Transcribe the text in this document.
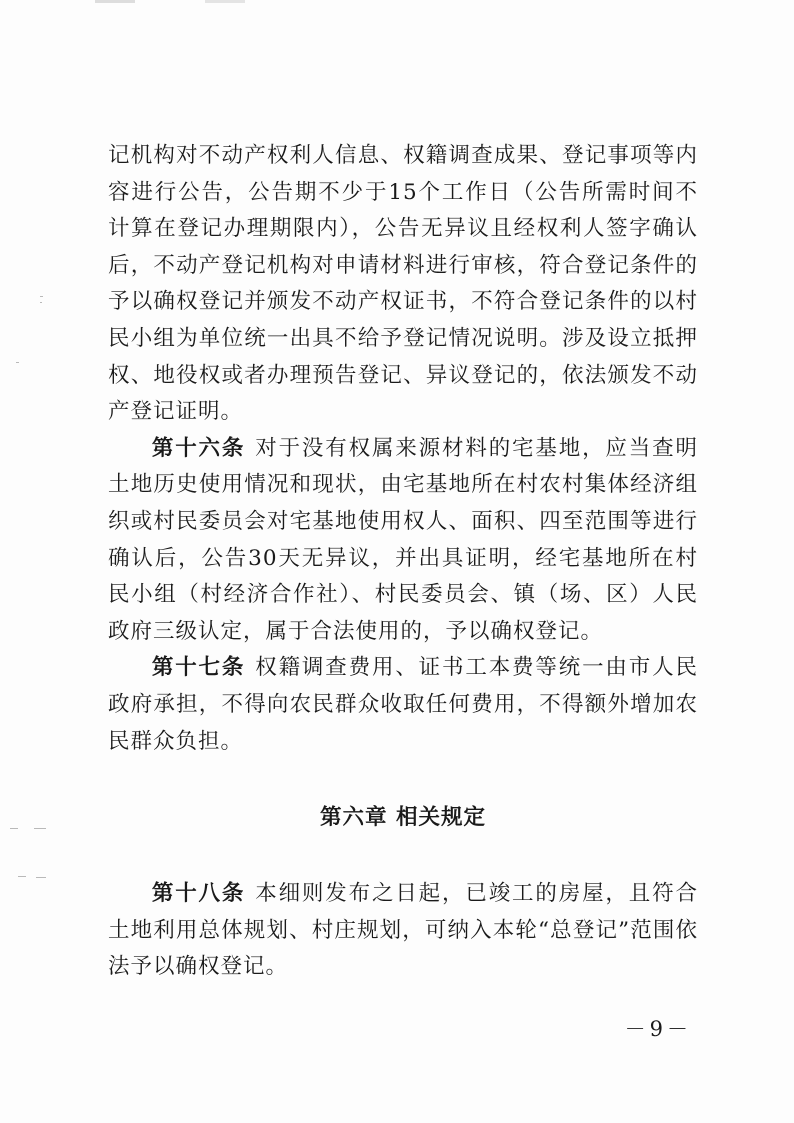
记机构对不动产权利人信息、权籍调查成果、登记事项等内容进行公告，公告期不少于15个工作日（公告所需时间不计算在登记办理期限内），公告无异议且经权利人签字确认后，不动产登记机构对申请材料进行审核，符合登记条件的予以确权登记并颁发不动产权证书，不符合登记条件的以村民小组为单位统一出具不给予登记情况说明。涉及设立抵押权、地役权或者办理预告登记、异议登记的，依法颁发不动产登记证明。

第十六条 对于没有权属来源材料的宅基地，应当查明土地历史使用情况和现状，由宅基地所在村农村集体经济组织或村民委员会对宅基地使用权人、面积、四至范围等进行确认后，公告30天无异议，并出具证明，经宅基地所在村民小组（村经济合作社）、村民委员会、镇（场、区）人民政府三级认定，属于合法使用的，予以确权登记。

第十七条 权籍调查费用、证书工本费等统一由市人民政府承担，不得向农民群众收取任何费用，不得额外增加农民群众负担。

第六章 相关规定

第十八条 本细则发布之日起，已竣工的房屋，且符合土地利用总体规划、村庄规划，可纳入本轮“总登记”范围依法予以确权登记。

－9－
